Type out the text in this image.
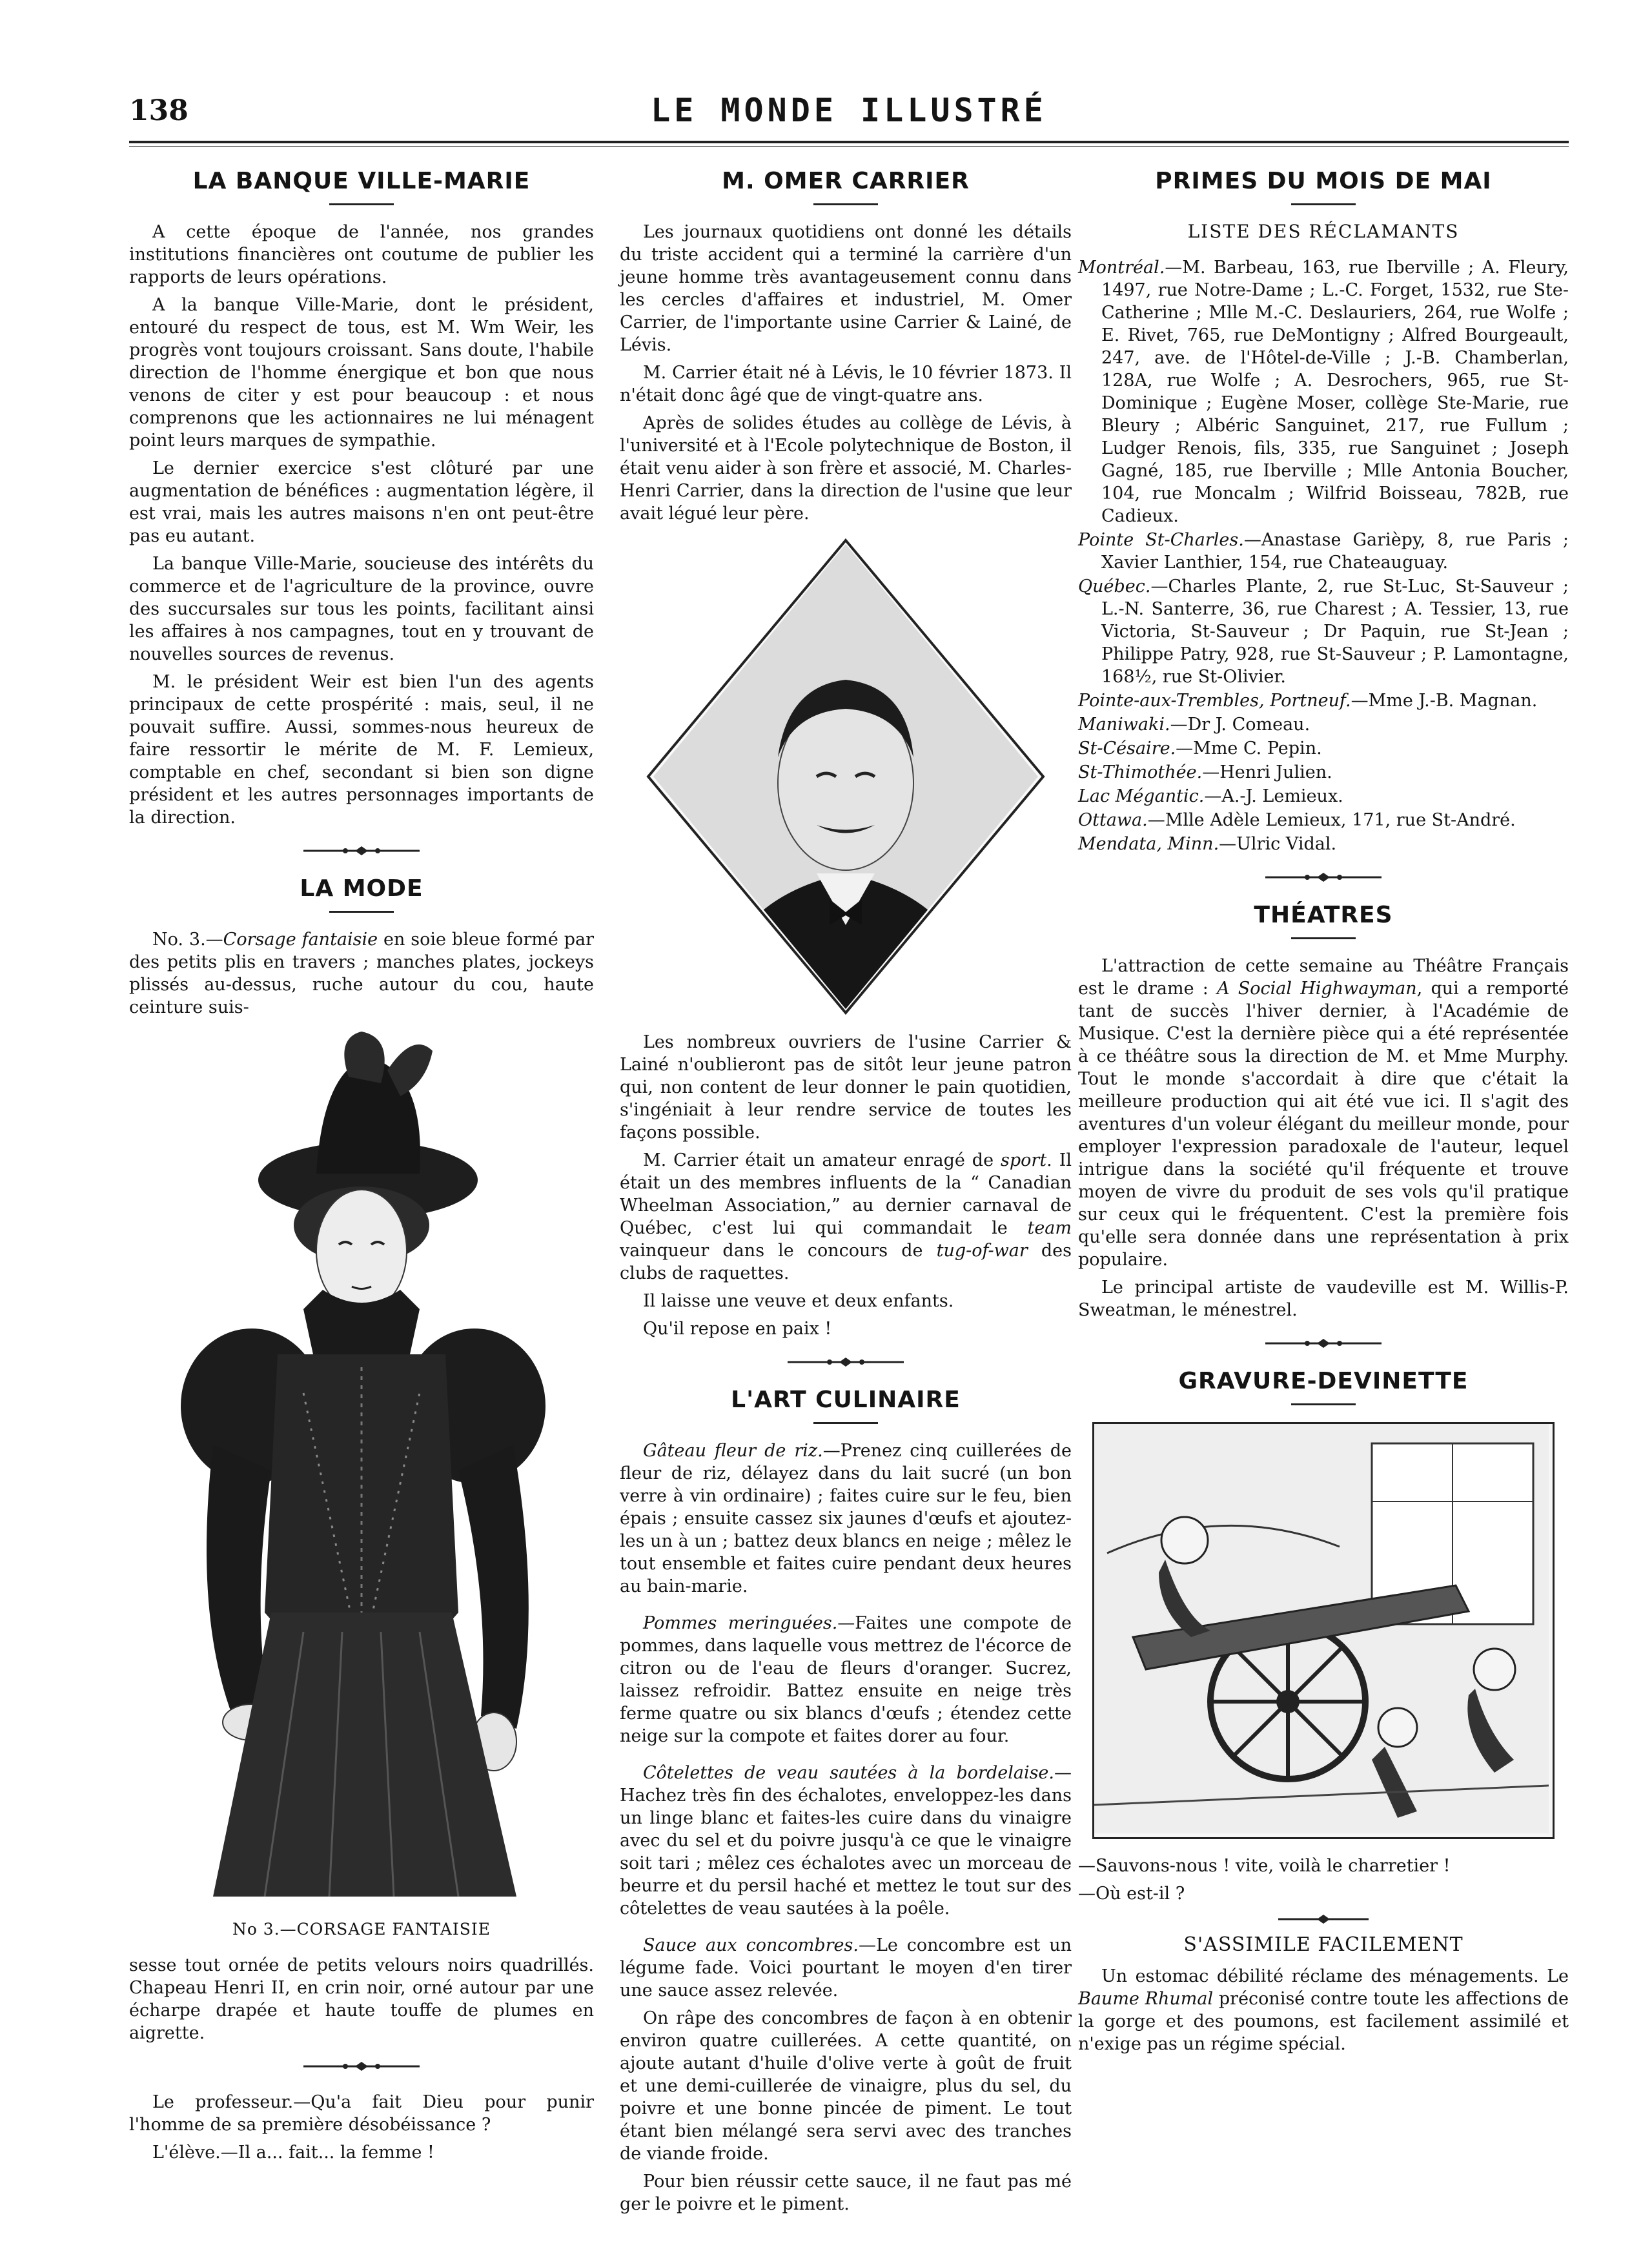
138	LE MONDE ILLUSTRÉ
LA BANQUE VILLE-MARIE

A cette époque de l'année, nos grandes institutions financières ont coutume de publier les rapports de leurs opérations.

A la banque Ville-Marie, dont le président, entouré du respect de tous, est M. Wm Weir, les progrès vont toujours croissant. Sans doute, l'habile direction de l'homme énergique et bon que nous venons de citer y est pour beaucoup : et nous comprenons que les actionnaires ne lui ménagent point leurs marques de sympathie.

Le dernier exercice s'est clôturé par une augmentation de bénéfices : augmentation légère, il est vrai, mais les autres maisons n'en ont peut-être pas eu autant.

La banque Ville-Marie, soucieuse des intérêts du commerce et de l'agriculture de la province, ouvre des succursales sur tous les points, facilitant ainsi les affaires à nos campagnes, tout en y trouvant de nouvelles sources de revenus.

M. le président Weir est bien l'un des agents principaux de cette prospérité : mais, seul, il ne pouvait suffire. Aussi, sommes-nous heureux de faire ressortir le mérite de M. F. Lemieux, comptable en chef, secondant si bien son digne président et les autres personnages importants de la direction.

LA MODE

No. 3.—Corsage fantaisie en soie bleue formé par des petits plis en travers ; manches plates, jockeys plissés au-dessus, ruche autour du cou, haute ceinture suis-

No 3.—CORSAGE FANTAISIE

sesse tout ornée de petits velours noirs quadrillés. Chapeau Henri II, en crin noir, orné autour par une écharpe drapée et haute touffe de plumes en aigrette.

Le professeur.—Qu'a fait Dieu pour punir l'homme de sa première désobéissance ?

L'élève.—Il a... fait... la femme !

M. OMER CARRIER

Les journaux quotidiens ont donné les détails du triste accident qui a terminé la carrière d'un jeune homme très avantageusement connu dans les cercles d'affaires et industriel, M. Omer Carrier, de l'importante usine Carrier & Lainé, de Lévis.

M. Carrier était né à Lévis, le 10 février 1873. Il n'était donc âgé que de vingt-quatre ans.

Après de solides études au collège de Lévis, à l'université et à l'Ecole polytechnique de Boston, il était venu aider à son frère et associé, M. Charles-Henri Carrier, dans la direction de l'usine que leur avait légué leur père.

Les nombreux ouvriers de l'usine Carrier & Lainé n'oublieront pas de sitôt leur jeune patron qui, non content de leur donner le pain quotidien, s'ingéniait à leur rendre service de toutes les façons possible.

M. Carrier était un amateur enragé de sport. Il était un des membres influents de la “ Canadian Wheelman Association,” au dernier carnaval de Québec, c'est lui qui commandait le team vainqueur dans le concours de tug-of-war des clubs de raquettes.

Il laisse une veuve et deux enfants.

Qu'il repose en paix !

L'ART CULINAIRE

Gâteau fleur de riz.—Prenez cinq cuillerées de fleur de riz, délayez dans du lait sucré (un bon verre à vin ordinaire) ; faites cuire sur le feu, bien épais ; ensuite cassez six jaunes d'œufs et ajoutez-les un à un ; battez deux blancs en neige ; mêlez le tout ensemble et faites cuire pendant deux heures au bain-marie.

Pommes meringuées.—Faites une compote de pommes, dans laquelle vous mettrez de l'écorce de citron ou de l'eau de fleurs d'oranger. Sucrez, laissez refroidir. Battez ensuite en neige très ferme quatre ou six blancs d'œufs ; étendez cette neige sur la compote et faites dorer au four.

Côtelettes de veau sautées à la bordelaise.—Hachez très fin des échalotes, enveloppez-les dans un linge blanc et faites-les cuire dans du vinaigre avec du sel et du poivre jusqu'à ce que le vinaigre soit tari ; mêlez ces échalotes avec un morceau de beurre et du persil haché et mettez le tout sur des côtelettes de veau sautées à la poêle.

Sauce aux concombres.—Le concombre est un légume fade. Voici pourtant le moyen d'en tirer une sauce assez relevée.

On râpe des concombres de façon à en obtenir environ quatre cuillerées. A cette quantité, on ajoute autant d'huile d'olive verte à goût de fruit et une demi-cuillerée de vinaigre, plus du sel, du poivre et une bonne pincée de piment. Le tout étant bien mélangé sera servi avec des tranches de viande froide.

Pour bien réussir cette sauce, il ne faut pas mé ger le poivre et le piment.

PRIMES DU MOIS DE MAI
LISTE DES RÉCLAMANTS
Montréal.—M. Barbeau, 163, rue Iberville ; A. Fleury, 1497, rue Notre-Dame ; L.-C. Forget, 1532, rue Ste-Catherine ; Mlle M.-C. Deslauriers, 264, rue Wolfe ; E. Rivet, 765, rue DeMontigny ; Alfred Bourgeault, 247, ave. de l'Hôtel-de-Ville ; J.-B. Chamberlan, 128A, rue Wolfe ; A. Desrochers, 965, rue St-Dominique ; Eugène Moser, collège Ste-Marie, rue Bleury ; Albéric Sanguinet, 217, rue Fullum ; Ludger Renois, fils, 335, rue Sanguinet ; Joseph Gagné, 185, rue Iberville ; Mlle Antonia Boucher, 104, rue Moncalm ; Wilfrid Boisseau, 782B, rue Cadieux.
Pointe St-Charles.—Anastase Garièpy, 8, rue Paris ; Xavier Lanthier, 154, rue Chateauguay.
Québec.—Charles Plante, 2, rue St-Luc, St-Sauveur ; L.-N. Santerre, 36, rue Charest ; A. Tessier, 13, rue Victoria, St-Sauveur ; Dr Paquin, rue St-Jean ; Philippe Patry, 928, rue St-Sauveur ; P. Lamontagne, 168½, rue St-Olivier.
Pointe-aux-Trembles, Portneuf.—Mme J.-B. Magnan.
Maniwaki.—Dr J. Comeau.
St-Césaire.—Mme C. Pepin.
St-Thimothée.—Henri Julien.
Lac Mégantic.—A.-J. Lemieux.
Ottawa.—Mlle Adèle Lemieux, 171, rue St-André.
Mendata, Minn.—Ulric Vidal.
THÉATRES

L'attraction de cette semaine au Théâtre Français est le drame : A Social Highwayman, qui a remporté tant de succès l'hiver dernier, à l'Académie de Musique. C'est la dernière pièce qui a été représentée à ce théâtre sous la direction de M. et Mme Murphy. Tout le monde s'accordait à dire que c'était la meilleure production qui ait été vue ici. Il s'agit des aventures d'un voleur élégant du meilleur monde, pour employer l'expression paradoxale de l'auteur, lequel intrigue dans la société qu'il fréquente et trouve moyen de vivre du produit de ses vols qu'il pratique sur ceux qui le fréquentent. C'est la première fois qu'elle sera donnée dans une représentation à prix populaire.

Le principal artiste de vaudeville est M. Willis-P. Sweatman, le ménestrel.

GRAVURE-DEVINETTE

—Sauvons-nous ! vite, voilà le charretier !

—Où est-il ?

S'ASSIMILE FACILEMENT

Un estomac débilité réclame des ménagements. Le Baume Rhumal préconisé contre toute les affections de la gorge et des poumons, est facilement assimilé et n'exige pas un régime spécial.
